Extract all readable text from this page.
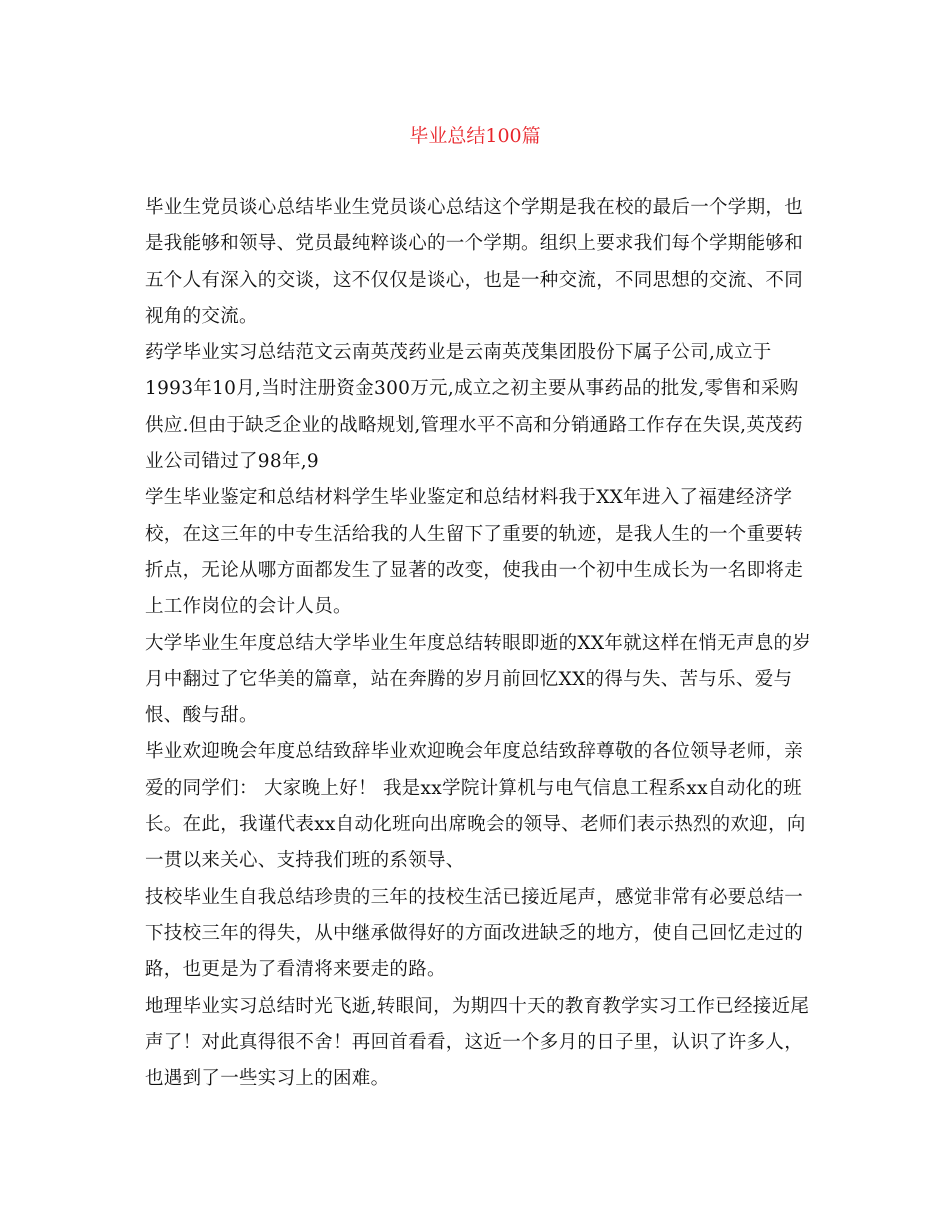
毕业总结100篇
毕业生党员谈心总结毕业生党员谈心总结这个学期是我在校的最后一个学期，也
是我能够和领导、党员最纯粹谈心的一个学期。组织上要求我们每个学期能够和
五个人有深入的交谈，这不仅仅是谈心，也是一种交流，不同思想的交流、不同
视角的交流。
药学毕业实习总结范文云南英茂药业是云南英茂集团股份下属子公司,成立于
1993年10月,当时注册资金300万元,成立之初主要从事药品的批发,零售和采购
供应.但由于缺乏企业的战略规划,管理水平不高和分销通路工作存在失误,英茂药
业公司错过了98年,9
学生毕业鉴定和总结材料学生毕业鉴定和总结材料我于XX年进入了福建经济学
校，在这三年的中专生活给我的人生留下了重要的轨迹，是我人生的一个重要转
折点，无论从哪方面都发生了显著的改变，使我由一个初中生成长为一名即将走
上工作岗位的会计人员。
大学毕业生年度总结大学毕业生年度总结转眼即逝的XX年就这样在悄无声息的岁
月中翻过了它华美的篇章，站在奔腾的岁月前回忆XX的得与失、苦与乐、爱与
恨、酸与甜。
毕业欢迎晚会年度总结致辞毕业欢迎晚会年度总结致辞尊敬的各位领导老师，亲
爱的同学们： 大家晚上好！ 我是xx学院计算机与电气信息工程系xx自动化的班
长。在此，我谨代表xx自动化班向出席晚会的领导、老师们表示热烈的欢迎，向
一贯以来关心、支持我们班的系领导、
技校毕业生自我总结珍贵的三年的技校生活已接近尾声，感觉非常有必要总结一
下技校三年的得失，从中继承做得好的方面改进缺乏的地方，使自己回忆走过的
路，也更是为了看清将来要走的路。
地理毕业实习总结时光飞逝,转眼间，为期四十天的教育教学实习工作已经接近尾
声了！对此真得很不舍！再回首看看，这近一个多月的日子里，认识了许多人，
也遇到了一些实习上的困难。
